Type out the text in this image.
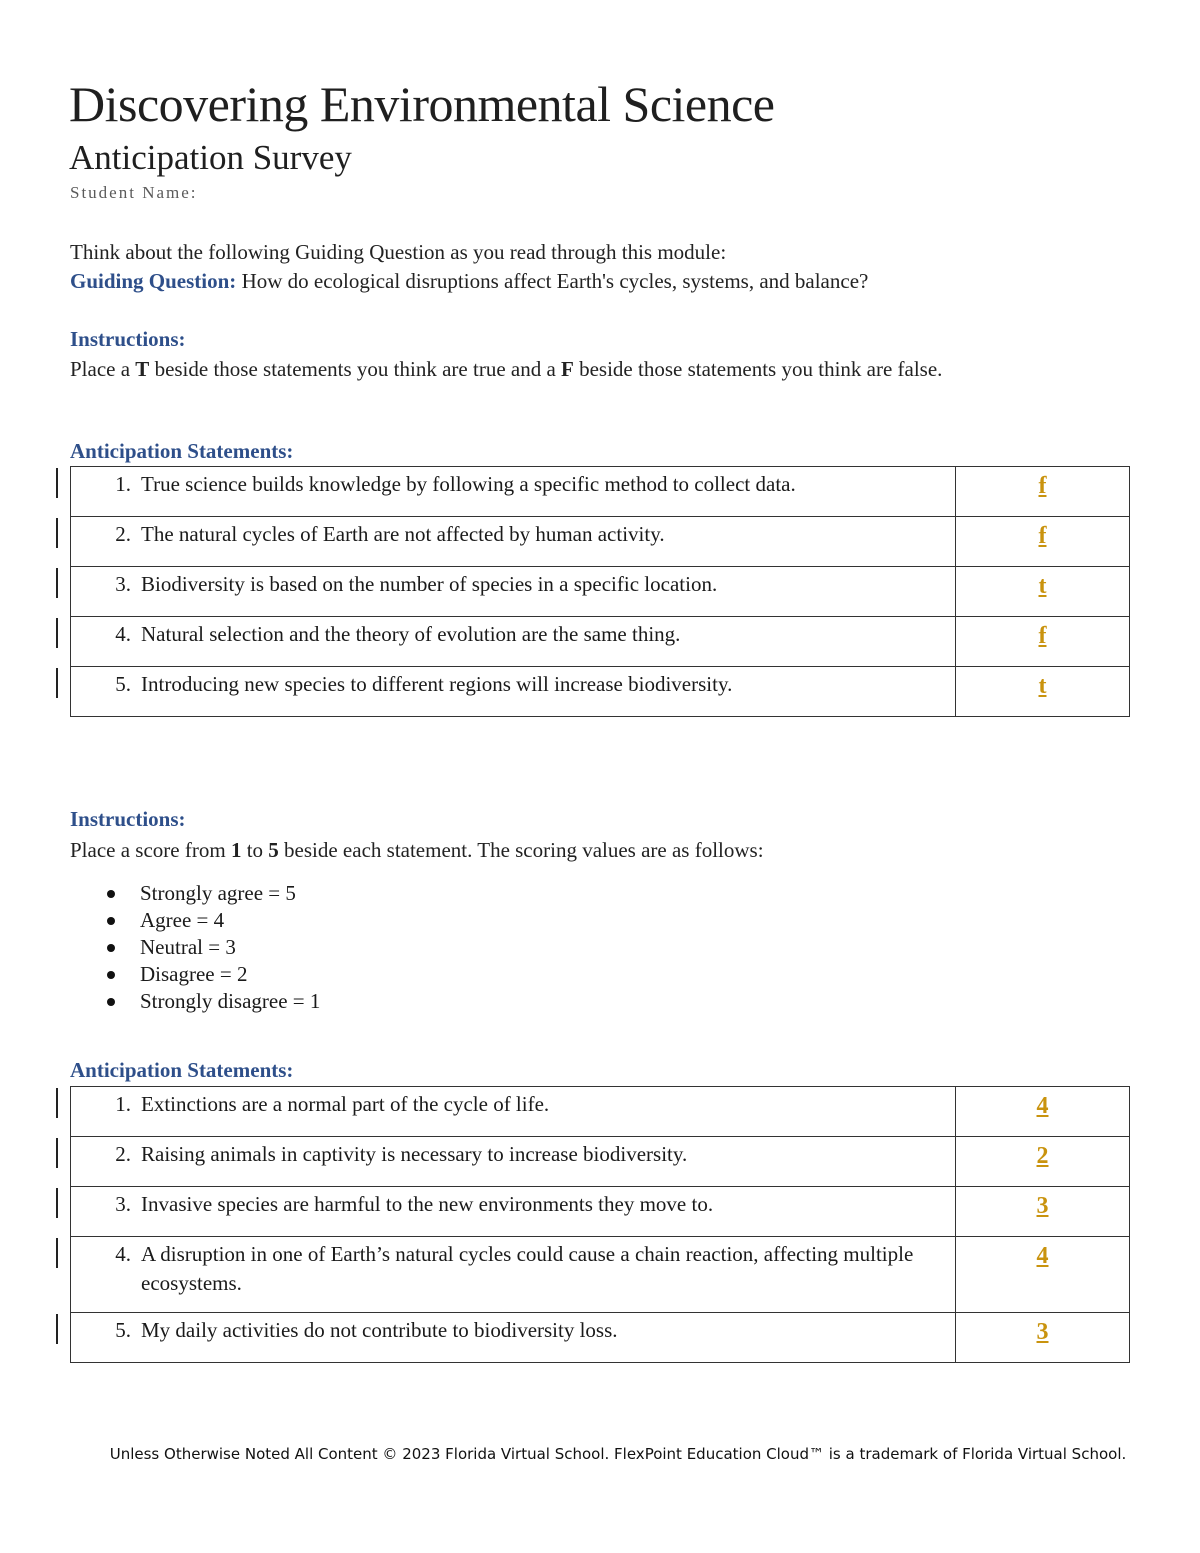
Discovering Environmental Science
Anticipation Survey
Student Name:
Think about the following Guiding Question as you read through this module:
Guiding Question: How do ecological disruptions affect Earth's cycles, systems, and balance?
Instructions:
Place a T beside those statements you think are true and a F beside those statements you think are false.
Anticipation Statements:
1. True science builds knowledge by following a specific method to collect data.	f

2. The natural cycles of Earth are not affected by human activity.	f

3. Biodiversity is based on the number of species in a specific location.	t

4. Natural selection and the theory of evolution are the same thing.	f

5. Introducing new species to different regions will increase biodiversity.	t
Instructions:
Place a score from 1 to 5 beside each statement. The scoring values are as follows:
Strongly agree = 5
Agree = 4
Neutral = 3
Disagree = 2
Strongly disagree = 1
Anticipation Statements:
1. Extinctions are a normal part of the cycle of life.	4

2. Raising animals in captivity is necessary to increase biodiversity.	2

3. Invasive species are harmful to the new environments they move to.	3

4. A disruption in one of Earth’s natural cycles could cause a chain reaction, affecting multiple ecosystems.	4

5. My daily activities do not contribute to biodiversity loss.	3
Unless Otherwise Noted All Content © 2023 Florida Virtual School. FlexPoint Education Cloud™ is a trademark of Florida Virtual School.
